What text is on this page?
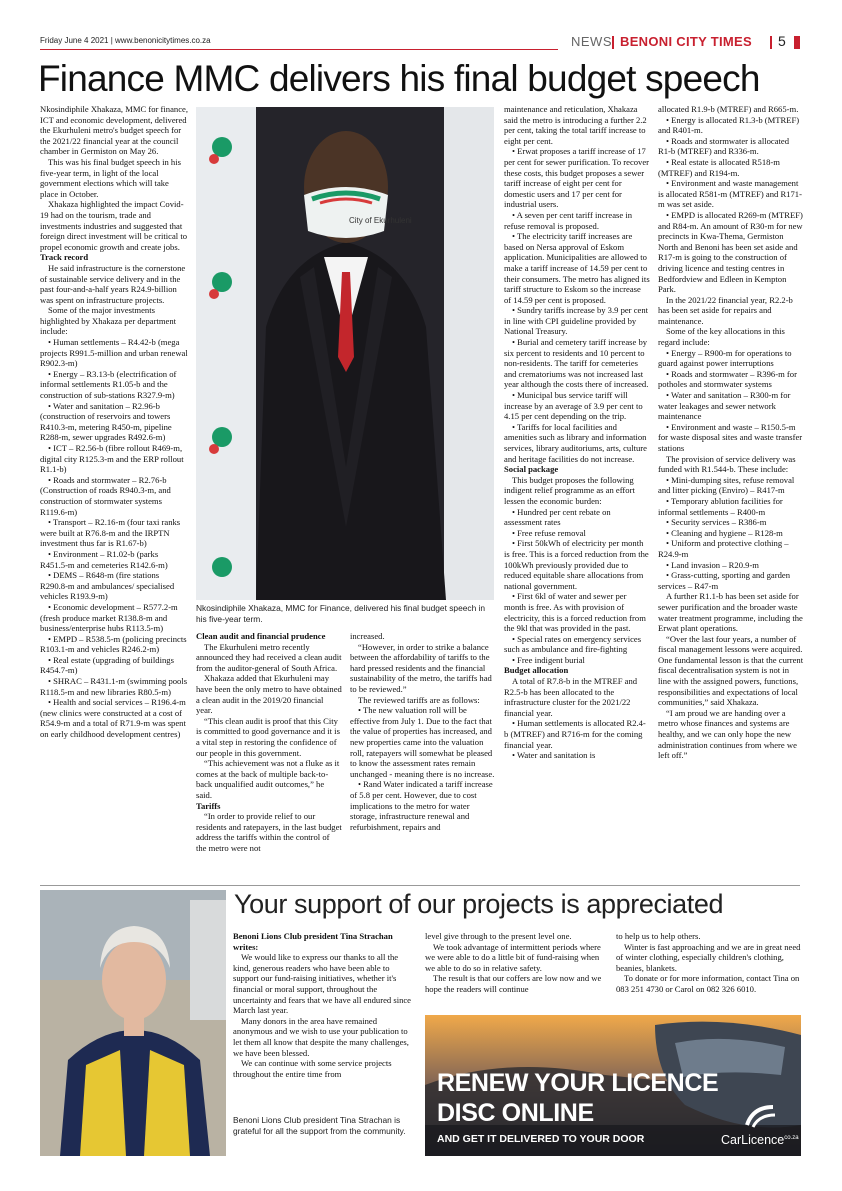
Friday June 4 2021 | www.benonicitytimes.co.za	NEWS BENONI CITY TIMES 5
Finance MMC delivers his final budget speech

Nkosindiphile Xhakaza, MMC for finance, ICT and economic development, delivered the Ekurhuleni metro's budget speech for the 2021/22 financial year at the council chamber in Germiston on May 26.

This was his final budget speech in his five-year term, in light of the local government elections which will take place in October.

Xhakaza highlighted the impact Covid-19 had on the tourism, trade and investments industries and suggested that foreign direct investment will be critical to propel economic growth and create jobs.

Track record

He said infrastructure is the cornerstone of sustainable service delivery and in the past four-and-a-half years R24.9-billion was spent on infrastructure projects.

Some of the major investments highlighted by Xhakaza per department include:

• Human settlements – R4.42-b (mega projects R991.5-million and urban renewal R902.3-m)

• Energy – R3.13-b (electrification of informal settlements R1.05-b and the construction of sub-stations R327.9-m)

• Water and sanitation – R2.96-b (construction of reservoirs and towers R410.3-m, metering R450-m, pipeline R288-m, sewer upgrades R492.6-m)

• ICT – R2.56-b (fibre rollout R469-m, digital city R125.3-m and the ERP rollout R1.1-b)

• Roads and stormwater – R2.76-b (Construction of roads R940.3-m, and construction of stormwater systems R119.6-m)

• Transport – R2.16-m (four taxi ranks were built at R76.8-m and the IRPTN investment thus far is R1.67-b)

• Environment – R1.02-b (parks R451.5-m and cemeteries R142.6-m)

• DEMS – R648-m (fire stations R290.8-m and ambulances/ specialised vehicles R193.9-m)

• Economic development – R577.2-m (fresh produce market R138.8-m and business/enterprise hubs R113.5-m)

• EMPD – R538.5-m (policing precincts R103.1-m and vehicles R246.2-m)

• Real estate (upgrading of buildings R454.7-m)

• SHRAC – R431.1-m (swimming pools R118.5-m and new libraries R80.5-m)

• Health and social services – R196.4-m (new clinics were constructed at a cost of R54.9-m and a total of R71.9-m was spent on early childhood development centres)

City of Ekurhuleni
Nkosindiphile Xhakaza, MMC for Finance, delivered his final budget speech in his five-year term.
Clean audit and financial prudence

The Ekurhuleni metro recently announced they had received a clean audit from the auditor-general of South Africa.

Xhakaza added that Ekurhuleni may have been the only metro to have obtained a clean audit in the 2019/20 financial year.

“This clean audit is proof that this City is committed to good governance and it is a vital step in restoring the confidence of our people in this government.

“This achievement was not a fluke as it comes at the back of multiple back-to-back unqualified audit outcomes,” he said.

Tariffs

“In order to provide relief to our residents and ratepayers, in the last budget address the tariffs within the control of the metro were not

increased.

“However, in order to strike a balance between the affordability of tariffs to the hard pressed residents and the financial sustainability of the metro, the tariffs had to be reviewed.”

The reviewed tariffs are as follows:

• The new valuation roll will be effective from July 1. Due to the fact that the value of properties has increased, and new properties came into the valuation roll, ratepayers will somewhat be pleased to know the assessment rates remain unchanged - meaning there is no increase.

• Rand Water indicated a tariff increase of 5.8 per cent. However, due to cost implications to the metro for water storage, infrastructure renewal and refurbishment, repairs and

maintenance and reticulation, Xhakaza said the metro is introducing a further 2.2 per cent, taking the total tariff increase to eight per cent.

• Erwat proposes a tariff increase of 17 per cent for sewer purification. To recover these costs, this budget proposes a sewer tariff increase of eight per cent for domestic users and 17 per cent for industrial users.

• A seven per cent tariff increase in refuse removal is proposed.

• The electricity tariff increases are based on Nersa approval of Eskom application. Municipalities are allowed to make a tariff increase of 14.59 per cent to their consumers. The metro has aligned its tariff structure to Eskom so the increase of 14.59 per cent is proposed.

• Sundry tariffs increase by 3.9 per cent in line with CPI guideline provided by National Treasury.

• Burial and cemetery tariff increase by six percent to residents and 10 percent to non-residents. The tariff for cemeteries and crematoriums was not increased last year although the costs there of increased.

• Municipal bus service tariff will increase by an average of 3.9 per cent to 4.15 per cent depending on the trip.

• Tariffs for local facilities and amenities such as library and information services, library auditoriums, arts, culture and heritage facilities do not increase.

Social package

This budget proposes the following indigent relief programme as an effort lessen the economic burden:

• Hundred per cent rebate on assessment rates

• Free refuse removal

• First 50kWh of electricity per month is free. This is a forced reduction from the 100kWh previously provided due to reduced equitable share allocations from national government.

• First 6kl of water and sewer per month is free. As with provision of electricity, this is a forced reduction from the 9kl that was provided in the past.

• Special rates on emergency services such as ambulance and fire-fighting

• Free indigent burial

Budget allocation

A total of R7.8-b in the MTREF and R2.5-b has been allocated to the infrastructure cluster for the 2021/22 financial year.

• Human settlements is allocated R2.4-b (MTREF) and R716-m for the coming financial year.

• Water and sanitation is

allocated R1.9-b (MTREF) and R665-m.

• Energy is allocated R1.3-b (MTREF) and R401-m.

• Roads and stormwater is allocated R1-b (MTREF) and R336-m.

• Real estate is allocated R518-m (MTREF) and R194-m.

• Environment and waste management is allocated R581-m (MTREF) and R171-m was set aside.

• EMPD is allocated R269-m (MTREF) and R84-m. An amount of R30-m for new precincts in Kwa-Thema, Germiston North and Benoni has been set aside and R17-m is going to the construction of driving licence and testing centres in Bedfordview and Edleen in Kempton Park.

In the 2021/22 financial year, R2.2-b has been set aside for repairs and maintenance.

Some of the key allocations in this regard include:

• Energy – R900-m for operations to guard against power interruptions

• Roads and stormwater – R396-m for potholes and stormwater systems

• Water and sanitation – R300-m for water leakages and sewer network maintenance

• Environment and waste – R150.5-m for waste disposal sites and waste transfer stations

The provision of service delivery was funded with R1.544-b. These include:

• Mini-dumping sites, refuse removal and litter picking (Enviro) – R417-m

• Temporary ablution facilities for informal settlements – R400-m

• Security services – R386-m

• Cleaning and hygiene – R128-m

• Uniform and protective clothing – R24.9-m

• Land invasion – R20.9-m

• Grass-cutting, sporting and garden services – R47-m

A further R1.1-b has been set aside for sewer purification and the broader waste water treatment programme, including the Erwat plant operations.

“Over the last four years, a number of fiscal management lessons were acquired. One fundamental lesson is that the current fiscal decentralisation system is not in line with the assigned powers, functions, responsibilities and expectations of local communities,” said Xhakaza.

“I am proud we are handing over a metro whose finances and systems are healthy, and we can only hope the new administration continues from where we left off.”

Your support of our projects is appreciated
Benoni Lions Club president Tina Strachan writes:

We would like to express our thanks to all the kind, generous readers who have been able to support our fund-raising initiatives, whether it's financial or moral support, throughout the uncertainty and fears that we have all endured since March last year.

Many donors in the area have remained anonymous and we wish to use your publication to let them all know that despite the many challenges, we have been blessed.

We can continue with some service projects throughout the entire time from

Benoni Lions Club president Tina Strachan is grateful for all the support from the community.

level give through to the present level one.

We took advantage of intermittent periods where we were able to do a little bit of fund-raising when we able to do so in relative safety.

The result is that our coffers are low now and we hope the readers will continue

to help us to help others.

Winter is fast approaching and we are in great need of winter clothing, especially children's clothing, beanies, blankets.

To donate or for more information, contact Tina on 083 251 4730 or Carol on 082 326 6010.

RENEW YOUR LICENCE
DISC ONLINE
AND GET IT DELIVERED TO YOUR DOOR	CarLicence$^{co.za}$
